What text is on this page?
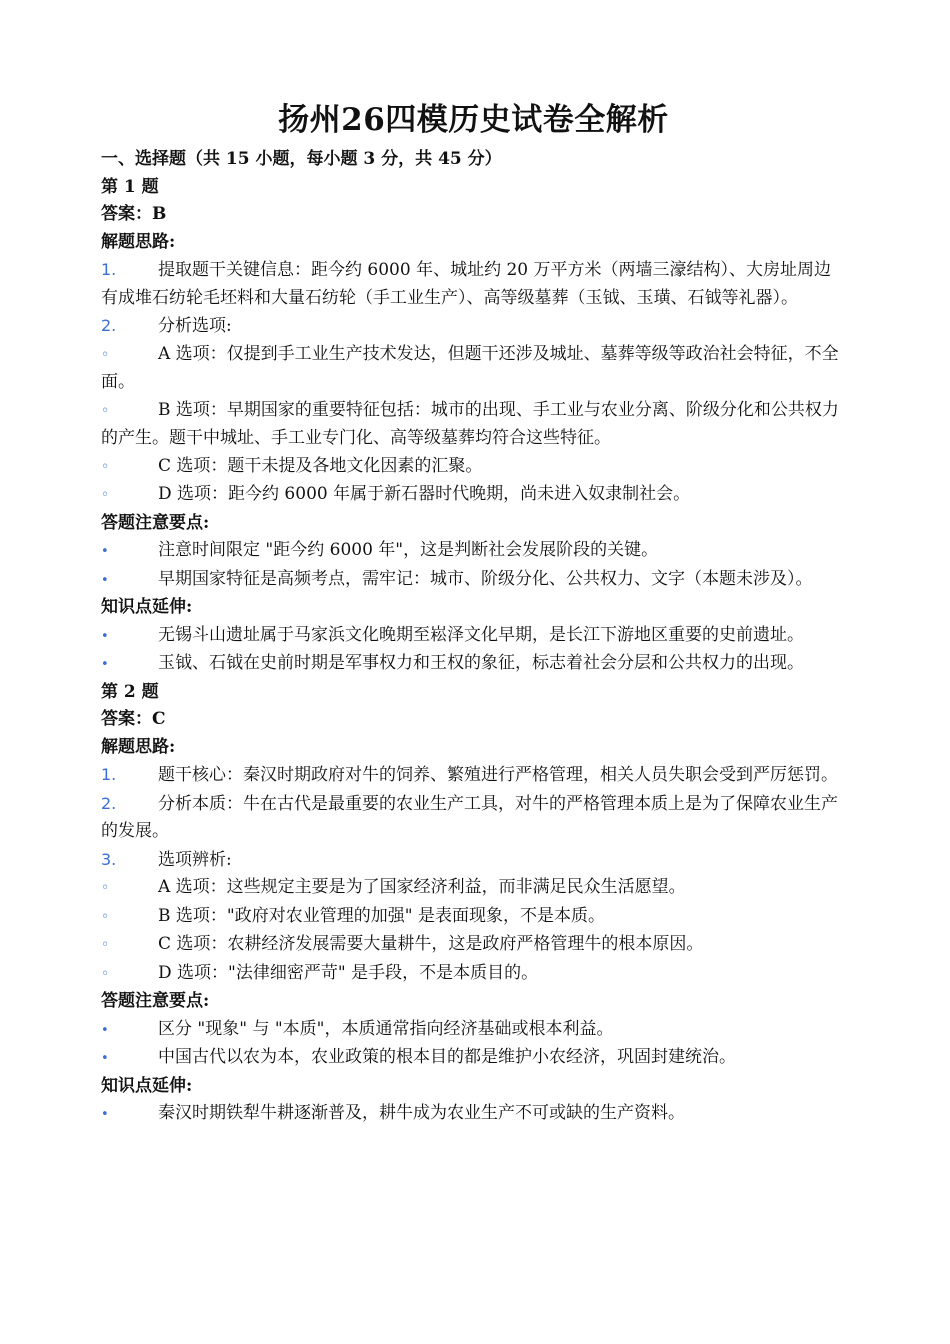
扬州26四模历史试卷全解析

一、选择题（共 15 小题，每小题 3 分，共 45 分）

第 1 题

答案：B

解题思路:

1. 提取题干关键信息：距今约 6000 年、城址约 20 万平方米（两墙三濠结构）、大房址周边有成堆石纺轮毛坯料和大量石纺轮（手工业生产）、高等级墓葬（玉钺、玉璜、石钺等礼器）。

2. 分析选项:

◦	A 选项：仅提到手工业生产技术发达，但题干还涉及城址、墓葬等级等政治社会特征，不全面。

◦	B 选项：早期国家的重要特征包括：城市的出现、手工业与农业分离、阶级分化和公共权力的产生。题干中城址、手工业专门化、高等级墓葬均符合这些特征。

◦	C 选项：题干未提及各地文化因素的汇聚。

◦	D 选项：距今约 6000 年属于新石器时代晚期，尚未进入奴隶制社会。

答题注意要点:

•	注意时间限定 "距今约 6000 年"，这是判断社会发展阶段的关键。

•	早期国家特征是高频考点，需牢记：城市、阶级分化、公共权力、文字（本题未涉及）。

知识点延伸:

•	无锡斗山遗址属于马家浜文化晚期至崧泽文化早期，是长江下游地区重要的史前遗址。

•	玉钺、石钺在史前时期是军事权力和王权的象征，标志着社会分层和公共权力的出现。

第 2 题

答案：C

解题思路:

1. 题干核心：秦汉时期政府对牛的饲养、繁殖进行严格管理，相关人员失职会受到严厉惩罚。

2. 分析本质：牛在古代是最重要的农业生产工具，对牛的严格管理本质上是为了保障农业生产的发展。

3. 选项辨析:

◦	A 选项：这些规定主要是为了国家经济利益，而非满足民众生活愿望。

◦	B 选项："政府对农业管理的加强" 是表面现象，不是本质。

◦	C 选项：农耕经济发展需要大量耕牛，这是政府严格管理牛的根本原因。

◦	D 选项："法律细密严苛" 是手段，不是本质目的。

答题注意要点:

•	区分 "现象" 与 "本质"，本质通常指向经济基础或根本利益。

•	中国古代以农为本，农业政策的根本目的都是维护小农经济，巩固封建统治。

知识点延伸:

•	秦汉时期铁犁牛耕逐渐普及，耕牛成为农业生产不可或缺的生产资料。
